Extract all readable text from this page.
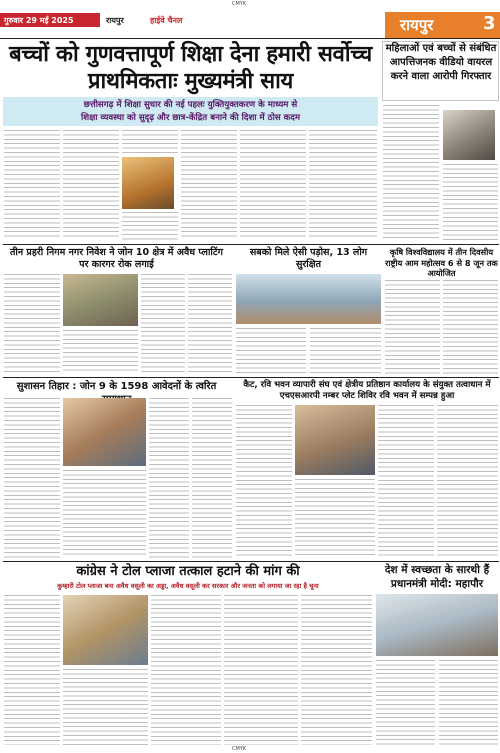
CMYK
गुरुवार 29 मई 2025	रायपुर	हाईवे चैनल	रायपुर	3
बच्चों को गुणवत्तापूर्ण शिक्षा देना हमारी सर्वोच्च प्राथमिकताः मुख्यमंत्री साय
छत्तीसगढ़ में शिक्षा सुधार की नई पहलः युक्तियुक्तकरण के माध्यम से
शिक्षा व्यवस्था को सुदृढ़ और छात्र-केंद्रित बनाने की दिशा में ठोस कदम
महिलाओं एवं बच्चों से संबंधित आपत्तिजनक वीडियो वायरल करने वाला आरोपी गिरफ्तार
तीन प्रहरी निगम नगर निवेश ने जोन 10 क्षेत्र में अवैध प्लाटिंग पर कारगर रोक लगाई
सबको मिले ऐसी पड़ोस, 13 लोग सुरक्षित
कृषि विश्वविद्यालय में तीन दिवसीय राष्ट्रीय आम महोत्सव 6 से 8 जून तक आयोजित
सुशासन तिहार : जोन 9 के 1598 आवेदनों के त्वरित	कैट, रवि भवन व्यापारी संघ एवं क्षेत्रीय प्रतिष्ठान कार्यालय के संयुक्त तत्वाधान में एचएसआरपी नम्बर प्लेट शिविर रवि भवन में सम्पन्न हुआ
कांग्रेस ने टोल प्लाजा तत्काल हटाने की मांग की
कुम्हारी टोल प्लाजा बना अवैध वसूली का अड्डा, अवैध वसूली कर सरकार और जनता को लगाया जा रहा है चूना
देश में स्वच्छता के सारथी हैं प्रधानमंत्री मोदी: महापौर
CMYK
